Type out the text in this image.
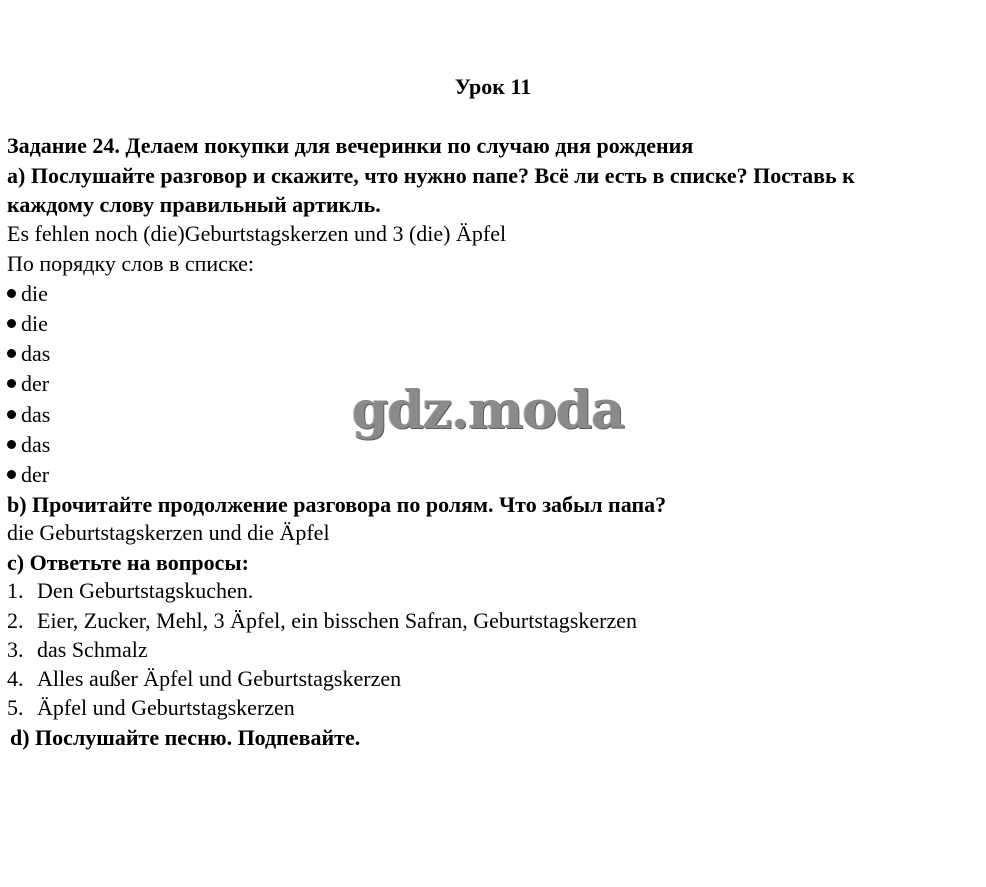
Урок 11
Задание 24. Делаем покупки для вечеринки по случаю дня рождения
а) Послушайте разговор и скажите, что нужно папе? Всё ли есть в списке? Поставь к
каждому слову правильный артикль.
Es fehlen noch (die)Geburtstagskerzen und 3 (die) Äpfel
По порядку слов в списке:
die
die
das
der
das
das
der
b) Прочитайте продолжение разговора по ролям. Что забыл папа?
die Geburtstagskerzen und die Äpfel
c) Ответьте на вопросы:
1. Den Geburtstagskuchen.
2. Eier, Zucker, Mehl, 3 Äpfel, ein bisschen Safran, Geburtstagskerzen
3. das Schmalz
4. Alles außer Äpfel und Geburtstagskerzen
5. Äpfel und Geburtstagskerzen
d) Послушайте песню. Подпевайте.
gdz.moda
